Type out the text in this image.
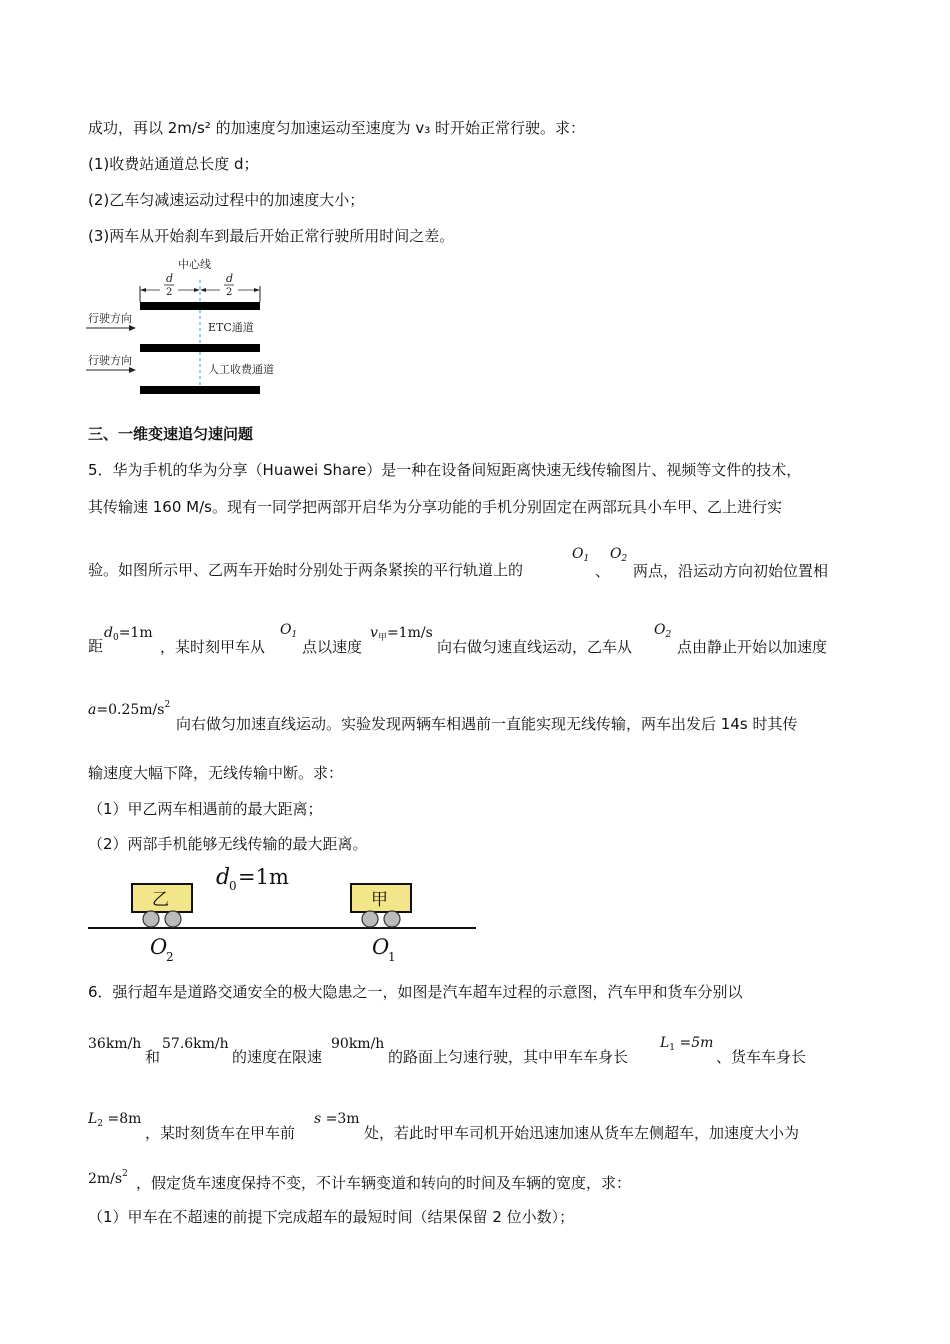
成功，再以 2m/s² 的加速度匀加速运动至速度为 v₃ 时开始正常行驶。求：
(1)收费站通道总长度 d；
(2)乙车匀减速运动过程中的加速度大小；
(3)两车从开始刹车到最后开始正常行驶所用时间之差。
中心线
d
2
d
2
行驶方向
行驶方向
ETC通道
人工收费通道
三、一维变速追匀速问题
5．华为手机的华为分享（Huawei Share）是一种在设备间短距离快速无线传输图片、视频等文件的技术，
其传输速 160 M/s。现有一同学把两部开启华为分享功能的手机分别固定在两部玩具小车甲、乙上进行实
验。如图所示甲、乙两车开始时分别处于两条紧挨的平行轨道上的
$O_1$
、
$O_2$
两点，沿运动方向初始位置相
距
$d_0=1m$
，某时刻甲车从
$O_1$
点以速度
$v_甲=1m/s$
向右做匀速直线运动，乙车从
$O_2$
点由静止开始以加速度
$a=0.25m/s^2$
向右做匀加速直线运动。实验发现两辆车相遇前一直能实现无线传输，两车出发后 14s 时其传
输速度大幅下降，无线传输中断。求：
（1）甲乙两车相遇前的最大距离；
（2）两部手机能够无线传输的最大距离。
乙	甲
d
0 =1m
O
2	O
1
6．强行超车是道路交通安全的极大隐患之一，如图是汽车超车过程的示意图，汽车甲和货车分别以
36km/h
和
57.6km/h
的速度在限速
90km/h
的路面上匀速行驶，其中甲车车身长
$L_1 =5m$
、货车车身长
$L_2 =8m$
，某时刻货车在甲车前
s =3m
处，若此时甲车司机开始迅速加速从货车左侧超车，加速度大小为
$2m/s^2$ ，假定货车速度保持不变，不计车辆变道和转向的时间及车辆的宽度，求：
（1）甲车在不超速的前提下完成超车的最短时间（结果保留 2 位小数）；
